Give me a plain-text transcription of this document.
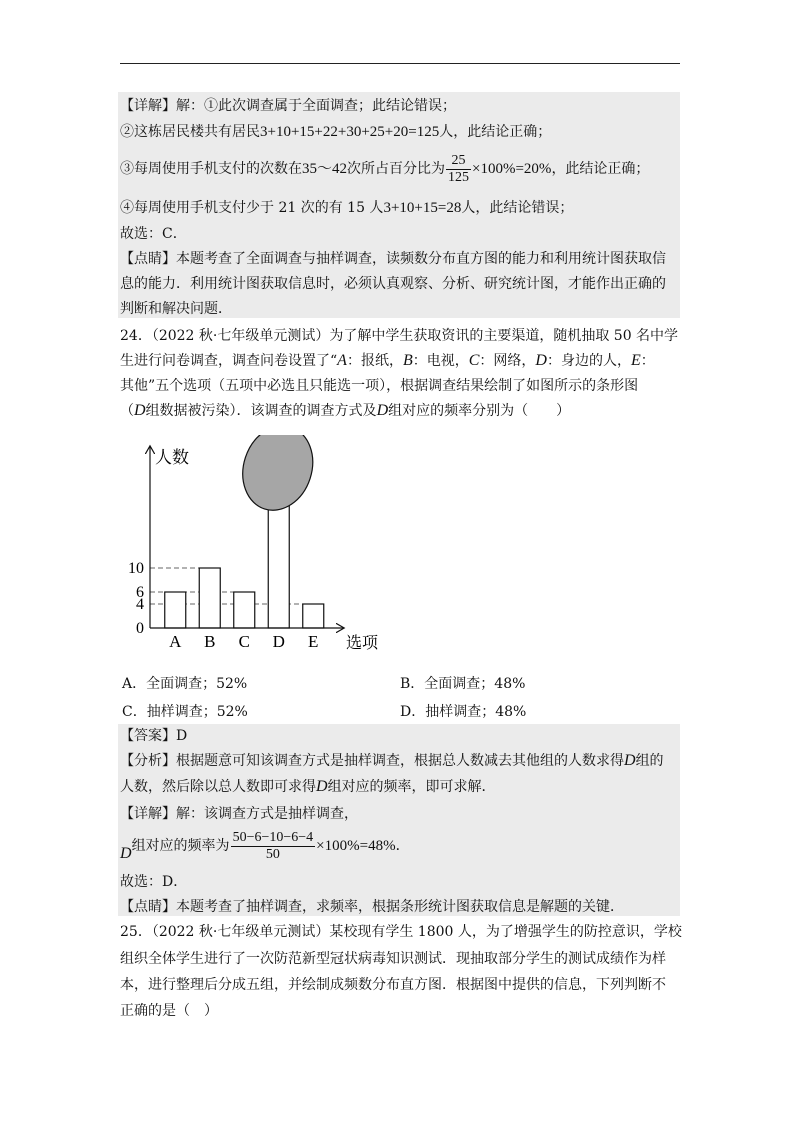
【详解】解：①此次调查属于全面调查；此结论错误；
②这栋居民楼共有居民3+10+15+22+30+25+20=125人，此结论正确；
③每周使用手机支付的次数在35～42次所占百分比为 $\frac{25}{125} \times 100\%=20\%$，此结论正确；
④每周使用手机支付少于 21 次的有 15 人3+10+15=28人，此结论错误；
故选：C．
【点睛】本题考查了全面调查与抽样调查，读频数分布直方图的能力和利用统计图获取信
息的能力．利用统计图获取信息时，必须认真观察、分析、研究统计图，才能作出正确的
判断和解决问题．
24．（2022 秋·七年级单元测试）为了解中学生获取资讯的主要渠道，随机抽取 50 名中学
生进行问卷调查，调查问卷设置了“A：报纸，B：电视，C：网络，D：身边的人，E：
其他”五个选项（五项中必选且只能选一项），根据调查结果绘制了如图所示的条形图
（D组数据被污染）．该调查的调查方式及D组对应的频率分别为（　　）
0
4
6
10
A B C D E
人数
选项
A．全面调查；52%	B．全面调查；48%
C．抽样调查；52%	D．抽样调查；48%
【答案】D
【分析】根据题意可知该调查方式是抽样调查，根据总人数减去其他组的人数求得D组的
人数，然后除以总人数即可求得D组对应的频率，即可求解．
【详解】解：该调查方式是抽样调查，
D组对应的频率为 $\frac{50-6-10-6-4}{50} \times 100\%=48\%$．
故选：D．
【点睛】本题考查了抽样调查，求频率，根据条形统计图获取信息是解题的关键．
25．（2022 秋·七年级单元测试）某校现有学生 1800 人，为了增强学生的防控意识，学校
组织全体学生进行了一次防范新型冠状病毒知识测试．现抽取部分学生的测试成绩作为样
本，进行整理后分成五组，并绘制成频数分布直方图．根据图中提供的信息，下列判断不
正确的是（　）
